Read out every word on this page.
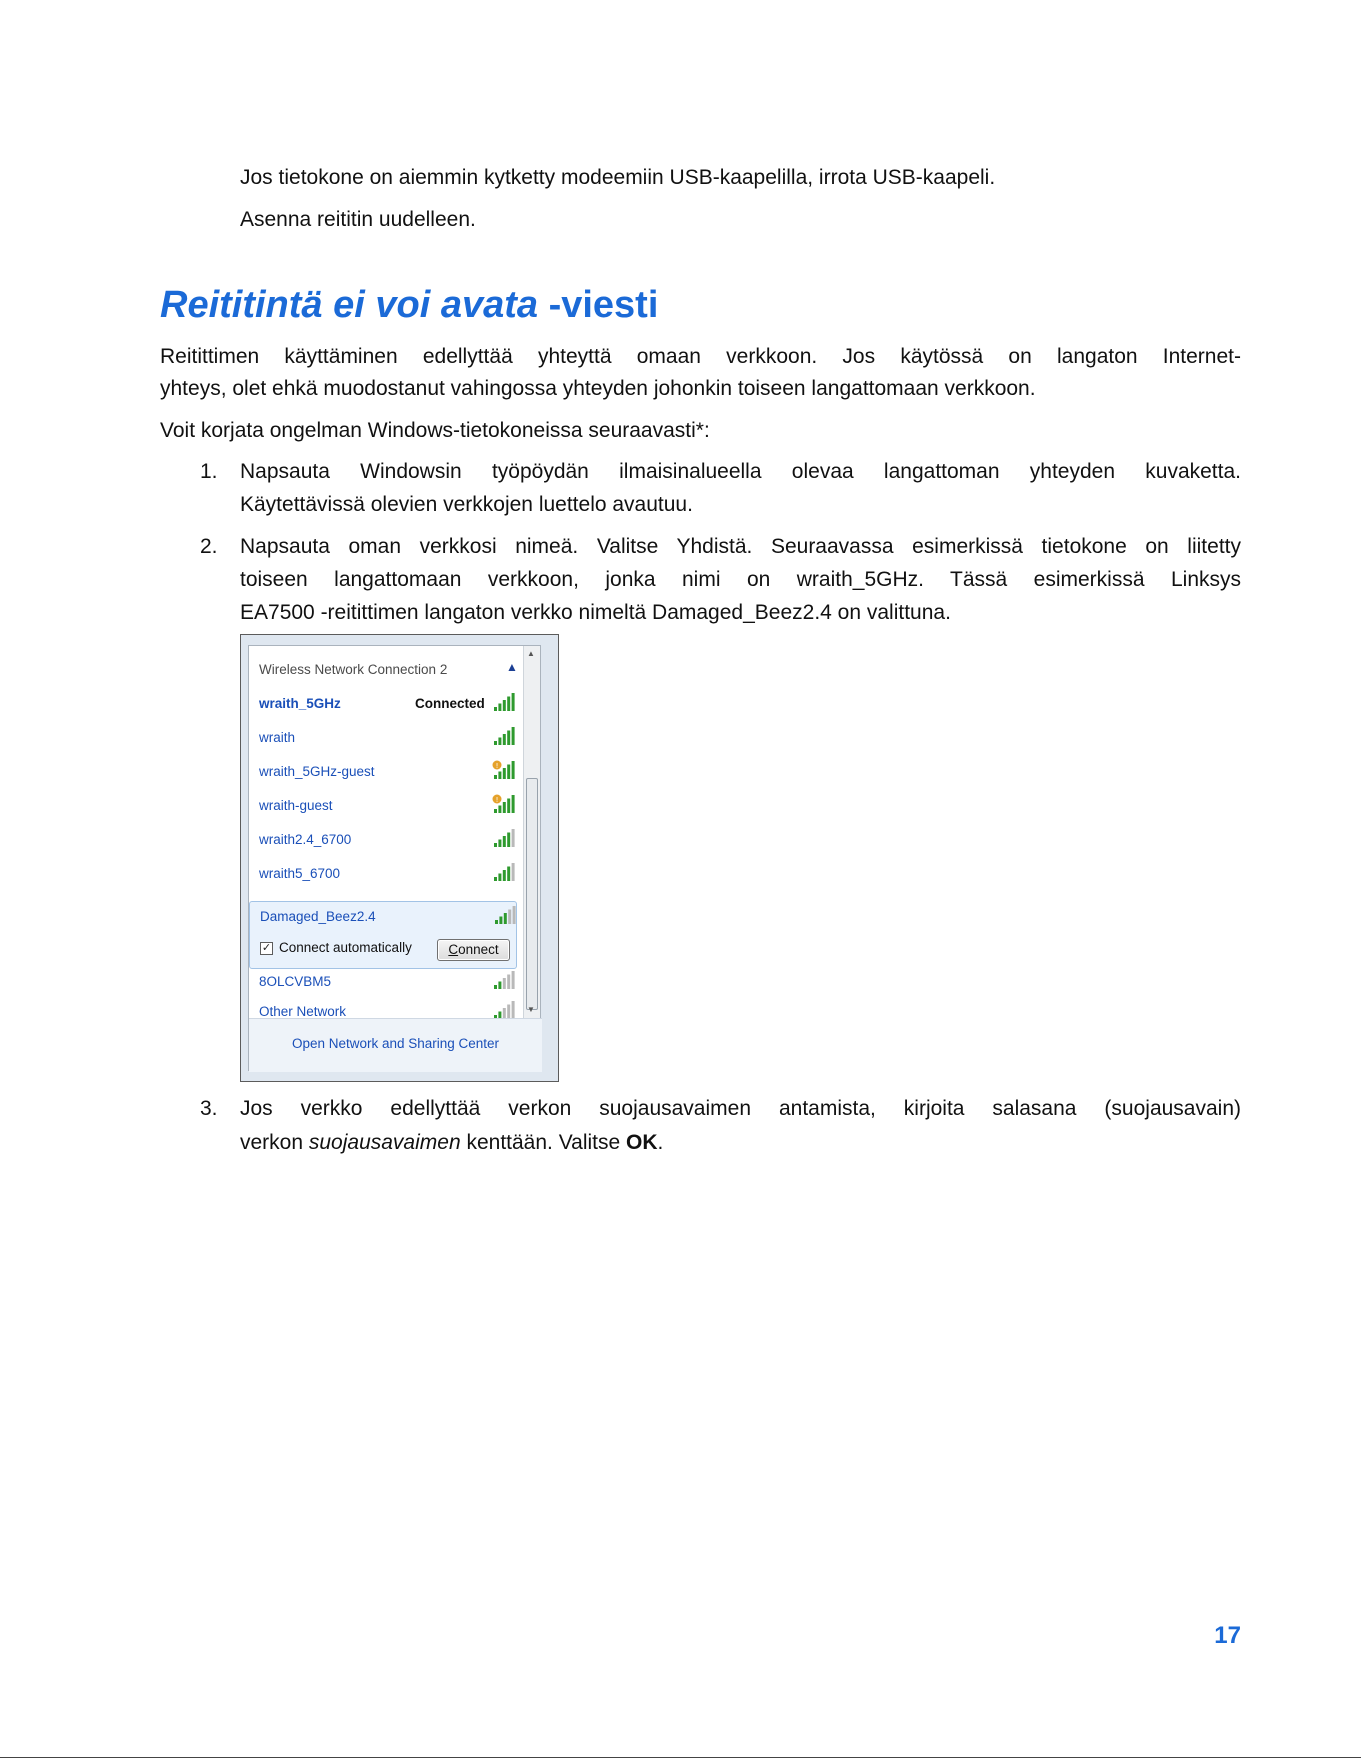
Jos tietokone on aiemmin kytketty modeemiin USB-kaapelilla, irrota USB-kaapeli.

Asenna reititin uudelleen.

Reititintä ei voi avata -viesti

Reitittimen käyttäminen edellyttää yhteyttä omaan verkkoon. Jos käytössä on langaton Internet-

yhteys, olet ehkä muodostanut vahingossa yhteyden johonkin toiseen langattomaan verkkoon.

Voit korjata ongelman Windows-tietokoneissa seuraavasti*:

1. Napsauta Windowsin työpöydän ilmaisinalueella olevaa langattoman yhteyden kuvaketta.

Käytettävissä olevien verkkojen luettelo avautuu.

2. Napsauta oman verkkosi nimeä. Valitse Yhdistä. Seuraavassa esimerkissä tietokone on liitetty

toiseen langattomaan verkkoon, jonka nimi on wraith_5GHz. Tässä esimerkissä Linksys

EA7500 -reitittimen langaton verkko nimeltä Damaged_Beez2.4 on valittuna.

Wireless Network Connection 2	▲
wraith_5GHz	Connected
wraith
wraith_5GHz-guest	!
wraith-guest	!
wraith2.4_6700
wraith5_6700
Damaged_Beez2.4
✓ Connect automatically	Connect
8OLCVBM5
Other Network
▲
▼
Open Network and Sharing Center
3. Jos verkko edellyttää verkon suojausavaimen antamista, kirjoita salasana (suojausavain)

verkon suojausavaimen kenttään. Valitse OK.

17
